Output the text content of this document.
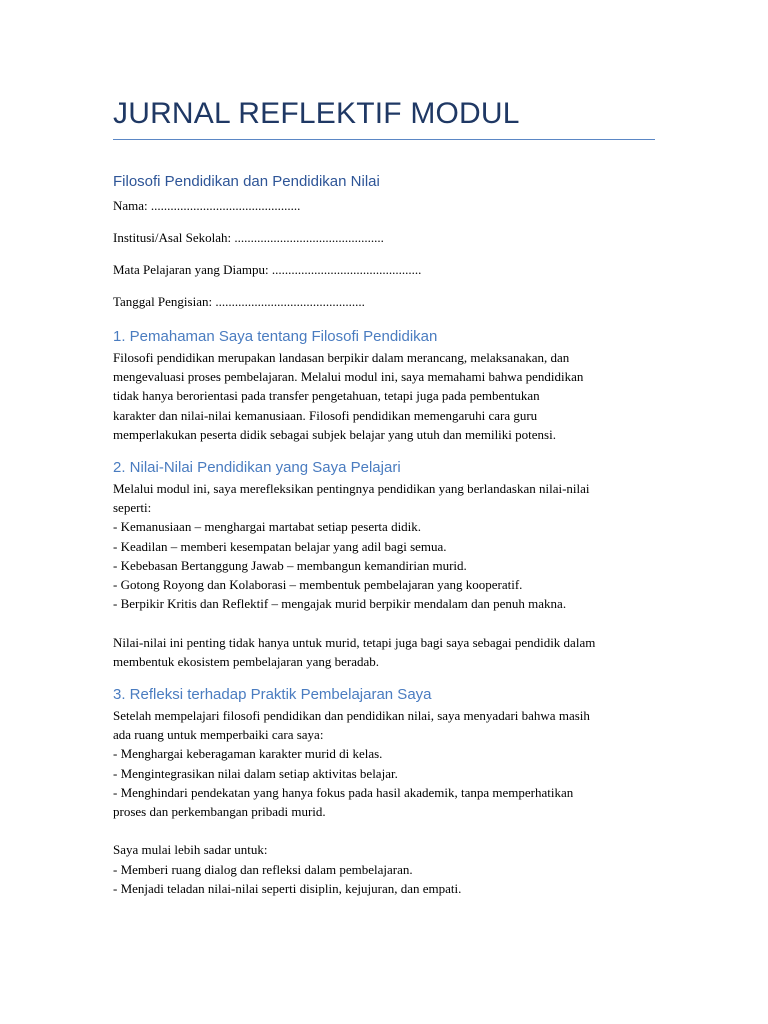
JURNAL REFLEKTIF MODUL
Filosofi Pendidikan dan Pendidikan Nilai

Nama: ..............................................

Institusi/Asal Sekolah: ..............................................

Mata Pelajaran yang Diampu: ..............................................

Tanggal Pengisian: ..............................................

1. Pemahaman Saya tentang Filosofi Pendidikan

Filosofi pendidikan merupakan landasan berpikir dalam merancang, melaksanakan, dan

mengevaluasi proses pembelajaran. Melalui modul ini, saya memahami bahwa pendidikan

tidak hanya berorientasi pada transfer pengetahuan, tetapi juga pada pembentukan

karakter dan nilai-nilai kemanusiaan. Filosofi pendidikan memengaruhi cara guru

memperlakukan peserta didik sebagai subjek belajar yang utuh dan memiliki potensi.

2. Nilai-Nilai Pendidikan yang Saya Pelajari

Melalui modul ini, saya merefleksikan pentingnya pendidikan yang berlandaskan nilai-nilai

seperti:

- Kemanusiaan – menghargai martabat setiap peserta didik.
- Keadilan – memberi kesempatan belajar yang adil bagi semua.
- Kebebasan Bertanggung Jawab – membangun kemandirian murid.
- Gotong Royong dan Kolaborasi – membentuk pembelajaran yang kooperatif.
- Berpikir Kritis dan Reflektif – mengajak murid berpikir mendalam dan penuh makna.

Nilai-nilai ini penting tidak hanya untuk murid, tetapi juga bagi saya sebagai pendidik dalam

membentuk ekosistem pembelajaran yang beradab.

3. Refleksi terhadap Praktik Pembelajaran Saya

Setelah mempelajari filosofi pendidikan dan pendidikan nilai, saya menyadari bahwa masih

ada ruang untuk memperbaiki cara saya:

- Menghargai keberagaman karakter murid di kelas.
- Mengintegrasikan nilai dalam setiap aktivitas belajar.
- Menghindari pendekatan yang hanya fokus pada hasil akademik, tanpa memperhatikan
proses dan perkembangan pribadi murid.

Saya mulai lebih sadar untuk:

- Memberi ruang dialog dan refleksi dalam pembelajaran.
- Menjadi teladan nilai-nilai seperti disiplin, kejujuran, dan empati.
